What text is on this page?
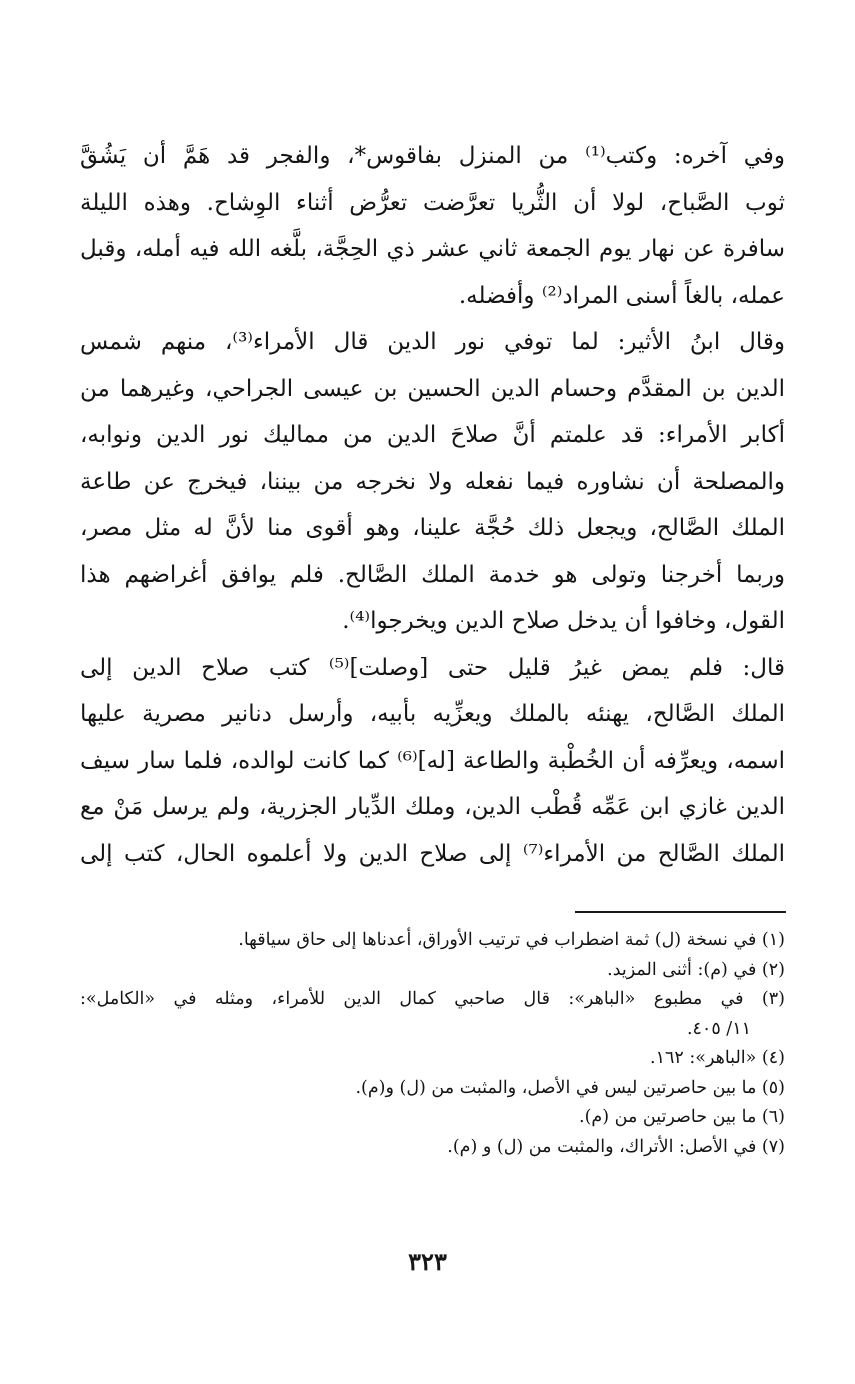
وفي آخره: وكتب⁽¹⁾ من المنزل بفاقوس*، والفجر قد هَمَّ أن يَشُقَّ
ثوب الصَّباح، لولا أن الثُّريا تعرَّضت تعرُّض أثناء الوِشاح. وهذه الليلة
سافرة عن نهار يوم الجمعة ثاني عشر ذي الحِجَّة، بلَّغه الله فيه أمله، وقبل
عمله، بالغاً أسنى المراد⁽²⁾ وأفضله.
وقال ابنُ الأثير: لما توفي نور الدين قال الأمراء⁽³⁾، منهم شمس
الدين بن المقدَّم وحسام الدين الحسين بن عيسى الجراحي، وغيرهما من
أكابر الأمراء: قد علمتم أنَّ صلاحَ الدين من مماليك نور الدين ونوابه،
والمصلحة أن نشاوره فيما نفعله ولا نخرجه من بيننا، فيخرج عن طاعة
الملك الصَّالح، ويجعل ذلك حُجَّة علينا، وهو أقوى منا لأنَّ له مثل مصر،
وربما أخرجنا وتولى هو خدمة الملك الصَّالح. فلم يوافق أغراضهم هذا
القول، وخافوا أن يدخل صلاح الدين ويخرجوا⁽⁴⁾.
قال: فلم يمض غيرُ قليل حتى [وصلت]⁽⁵⁾ كتب صلاح الدين إلى
الملك الصَّالح، يهنئه بالملك ويعزِّيه بأبيه، وأرسل دنانير مصرية عليها
اسمه، ويعرِّفه أن الخُطْبة والطاعة [له]⁽⁶⁾ كما كانت لوالده، فلما سار سيف
الدين غازي ابن عَمِّه قُطْب الدين، وملك الدِّيار الجزرية، ولم يرسل مَنْ مع
الملك الصَّالح من الأمراء⁽⁷⁾ إلى صلاح الدين ولا أعلموه الحال، كتب إلى
(١) في نسخة (ل) ثمة اضطراب في ترتيب الأوراق، أعدناها إلى حاق سياقها.
(٢) في (م): أثنى المزيد.
(٣) في مطبوع «الباهر»: قال صاحبي كمال الدين للأمراء، ومثله في «الكامل»:
١١/ ٤٠٥.
(٤) «الباهر»: ١٦٢.
(٥) ما بين حاصرتين ليس في الأصل، والمثبت من (ل) و(م).
(٦) ما بين حاصرتين من (م).
(٧) في الأصل: الأتراك، والمثبت من (ل) و (م).
٣٢٣
